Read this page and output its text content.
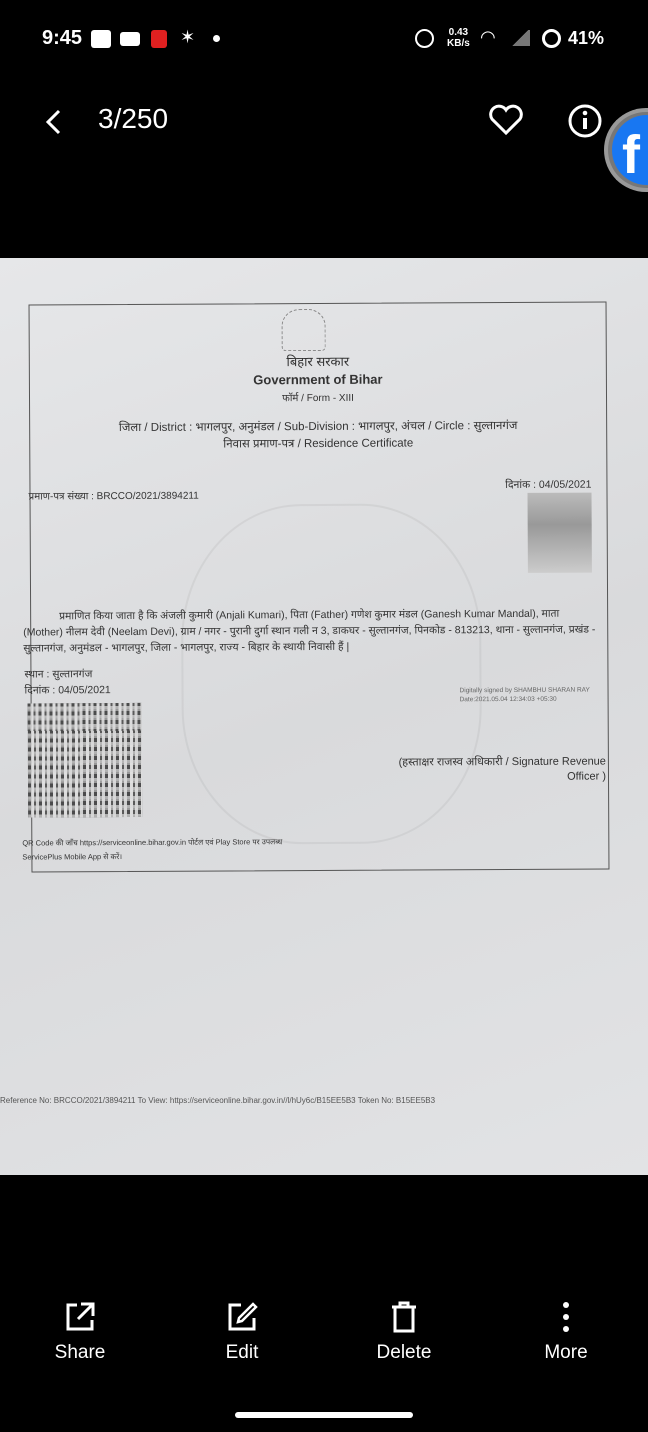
9:45	✶	0.43
KB/s ◠	41%
3/250
f
बिहार सरकार
Government of Bihar
फॉर्म / Form - XIII
जिला / District : भागलपुर, अनुमंडल / Sub-Division : भागलपुर, अंचल / Circle : सुल्तानगंज
निवास प्रमाण-पत्र / Residence Certificate
प्रमाण-पत्र संख्या : BRCCO/2021/3894211
दिनांक : 04/05/2021
प्रमाणित किया जाता है कि अंजली कुमारी (Anjali Kumari), पिता (Father) गणेश कुमार मंडल (Ganesh Kumar Mandal), माता (Mother) नीलम देवी (Neelam Devi), ग्राम / नगर - पुरानी दुर्गा स्थान गली न 3, डाकघर - सुल्तानगंज, पिनकोड - 813213, थाना - सुल्तानगंज, प्रखंड - सुल्तानगंज, अनुमंडल - भागलपुर, जिला - भागलपुर, राज्य - बिहार के स्थायी निवासी हैं |
स्थान : सुल्तानगंज
दिनांक : 04/05/2021	Digitally signed by SHAMBHU SHARAN RAY
Date:2021.05.04 12:34:03 +05:30
(हस्ताक्षर राजस्व अधिकारी / Signature Revenue Officer )
QR Code की जाँच https://serviceonline.bihar.gov.in पोर्टल एवं Play Store पर उपलब्ध
ServicePlus Mobile App से करें।
Reference No: BRCCO/2021/3894211 To View: https://serviceonline.bihar.gov.in//l/hUy6c/B15EE5B3 Token No: B15EE5B3
Share	Edit	Delete	More
